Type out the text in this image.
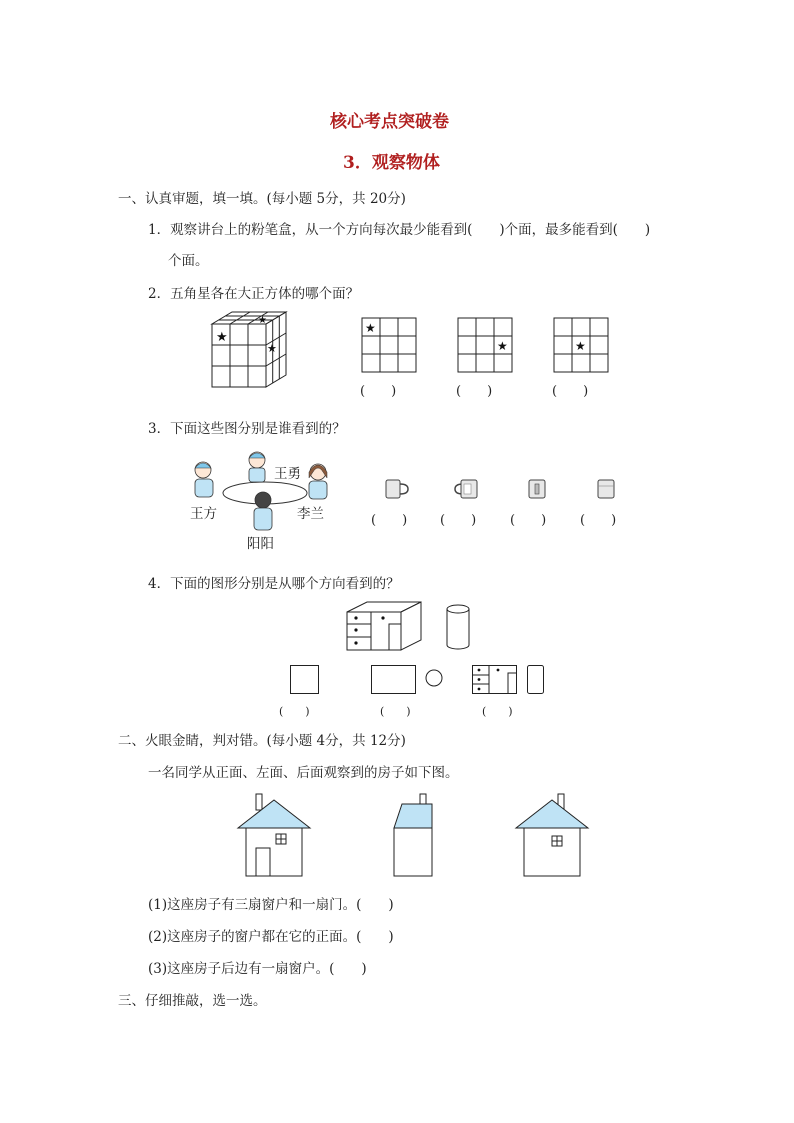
核心考点突破卷
3．观察物体
一、认真审题，填一填。(每小题 5分，共 20分)
1．观察讲台上的粉笔盒，从一个方向每次最少能看到(　　)个面，最多能看到(　　)
个面。
2．五角星各在大正方体的哪个面？
★
★
★
★
★	★
(　　)	(　　)	(　　)
3．下面这些图分别是谁看到的？
王勇
王方	李兰
阳阳
(　　)	(　　)	(　　)	(　　)
4．下面的图形分别是从哪个方向看到的？
(　　)	(　　)	(　　)
二、火眼金睛，判对错。(每小题 4分，共 12分)
一名同学从正面、左面、后面观察到的房子如下图。
(1)这座房子有三扇窗户和一扇门。(　　)
(2)这座房子的窗户都在它的正面。(　　)
(3)这座房子后边有一扇窗户。(　　)
三、仔细推敲，选一选。
